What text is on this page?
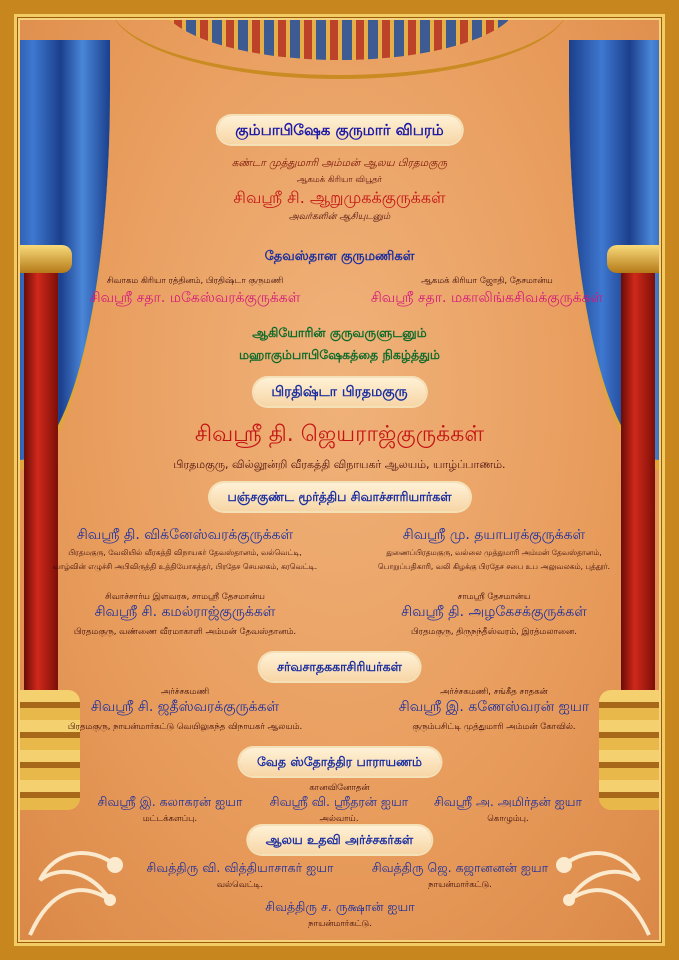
கும்பாபிஷேக குருமார் விபரம்
கண்டா முத்துமாரி அம்மன் ஆலய பிரதமகுரு
ஆகமக் கிரியா விபூதர்
சிவஸ்ரீ சி. ஆறுமுகக்குருக்கள்
அவர்களின் ஆசியுடனும்
தேவஸ்தான குருமணிகள்
சிவாகம கிரியா ரத்தினம், பிரதிஷ்டா குருமணி	ஆகமக் கிரியா ஜோதி, தேசமான்ய
சிவஸ்ரீ சதா. மகேஸ்வரக்குருக்கள்	சிவஸ்ரீ சதா. மகாலிங்கசிவக்குருக்கள்
ஆகியோரின் குருவருளுடனும்
மஹாகும்பாபிஷேகத்தை நிகழ்த்தும்
பிரதிஷ்டா பிரதமகுரு
சிவஸ்ரீ தி. ஜெயராஜ்குருக்கள்
பிரதமகுரு, வில்லூன்றி வீரகத்தி விநாயகர் ஆலயம், யாழ்ப்பாணம்.
பஞ்சகுண்ட மூர்த்திப சிவாச்சாரியார்கள்
சிவஸ்ரீ தி. விக்னேஸ்வரக்குருக்கள்
பிரதமகுரு, வேலியில் வீரகத்தி விநாயகர் தேவஸ்தானம், வல்வெட்டி,
வாழ்வின் எழுச்சி அபிவிருத்தி உத்தியோகத்தர், பிரதேச செயலகம், கரவெட்டி.
சிவஸ்ரீ மு. தயாபரக்குருக்கள்
துணைப்பிரதமகுரு, வல்லை முத்துமாரி அம்மன் தேவஸ்தானம்,
பொறுப்பதிகாரி, வலி கிழக்கு பிரதேச சபை உப அலுவலகம், புத்தூர்.
சிவாச்சார்ய இளவரசு, சாமஸ்ரீ தேசமான்ய
சிவஸ்ரீ சி. கமல்ராஜ்குருக்கள்
பிரதமகுரு, வண்ணை வீரமாகாளி அம்மன் தேவஸ்தானம்.
சாமஸ்ரீ தேசமான்ய
சிவஸ்ரீ தி. அழகேசக்குருக்கள்
பிரதமகுரு, திருநந்தீஸ்வரம், இரத்மலானை.
சர்வசாதககாசிரியர்கள்
அர்ச்சகமணி
சிவஸ்ரீ சி. ஜதீஸ்வரக்குருக்கள்
பிரதமகுரு, நாயன்மார்கட்டு வெயிலுகந்த விநாயகர் ஆலயம்.
அர்ச்சகமணி, சங்கீத சாதகன்
சிவஸ்ரீ இ. கணேஸ்வரன் ஐயா
குரும்பசிட்டி முத்துமாரி அம்மன் கோவில்.
வேத ஸ்தோத்திர பாராயணம்
கானவினோதன்
சிவஸ்ரீ இ. கலாகரன் ஐயா
மட்டக்களப்பு.
சிவஸ்ரீ வி. ஸ்ரீதரன் ஐயா
அல்வாய்.
சிவஸ்ரீ அ. அமிர்தன் ஐயா
கொழும்பு.
ஆலய உதவி அர்ச்சகர்கள்
சிவத்திரு வி. வித்தியாசாகர் ஐயா
வல்வெட்டி.
சிவத்திரு ஜெ. கஜானனன் ஐயா
நாயன்மார்கட்டு.
சிவத்திரு ச. ருக்ஷான் ஐயா
நாயன்மார்கட்டு.
